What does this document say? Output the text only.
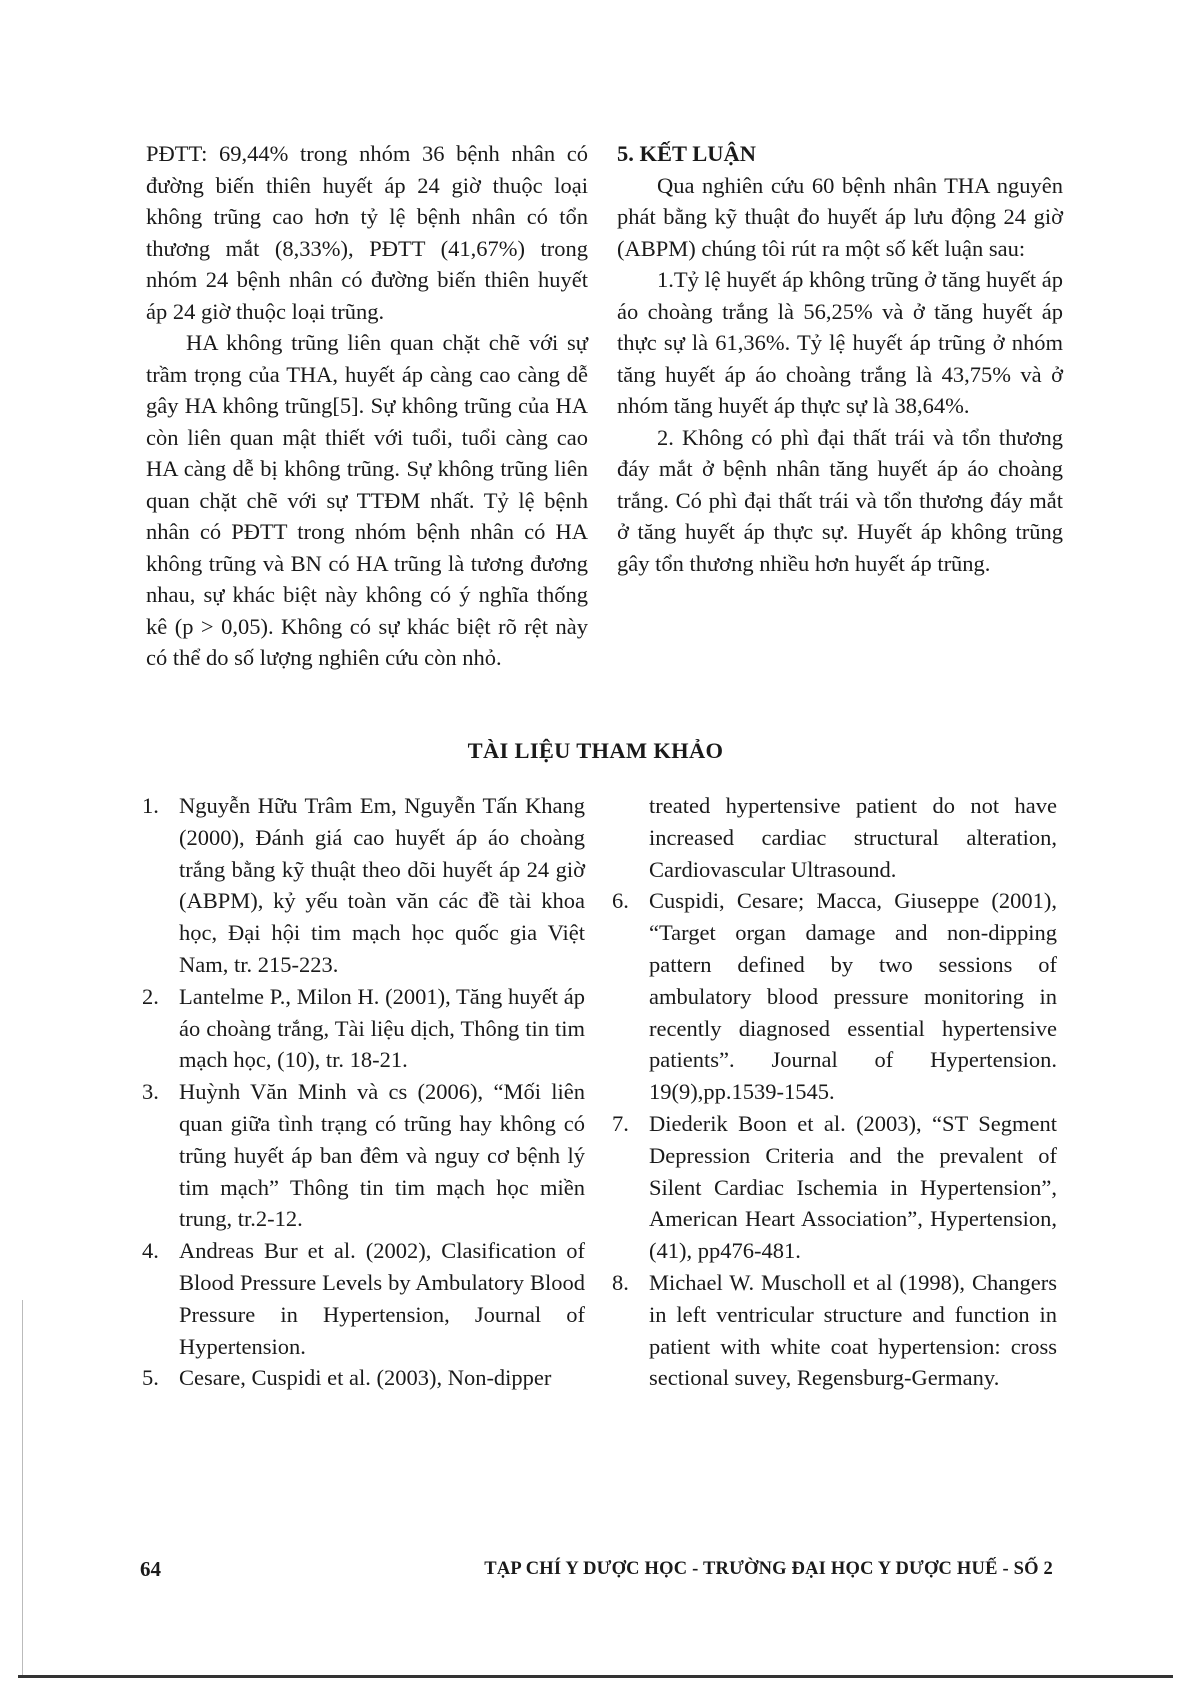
PĐTT: 69,44% trong nhóm 36 bệnh nhân có đường biến thiên huyết áp 24 giờ thuộc loại không trũng cao hơn tỷ lệ bệnh nhân có tổn thương mắt (8,33%), PĐTT (41,67%) trong nhóm 24 bệnh nhân có đường biến thiên huyết áp 24 giờ thuộc loại trũng.

HA không trũng liên quan chặt chẽ với sự trầm trọng của THA, huyết áp càng cao càng dễ gây HA không trũng[5]. Sự không trũng của HA còn liên quan mật thiết với tuổi, tuổi càng cao HA càng dễ bị không trũng. Sự không trũng liên quan chặt chẽ với sự TTĐM nhất. Tỷ lệ bệnh nhân có PĐTT trong nhóm bệnh nhân có HA không trũng và BN có HA trũng là tương đương nhau, sự khác biệt này không có ý nghĩa thống kê (p > 0,05). Không có sự khác biệt rõ rệt này có thể do số lượng nghiên cứu còn nhỏ.

5. KẾT LUẬN

Qua nghiên cứu 60 bệnh nhân THA nguyên phát bằng kỹ thuật đo huyết áp lưu động 24 giờ (ABPM) chúng tôi rút ra một số kết luận sau:

1.Tỷ lệ huyết áp không trũng ở tăng huyết áp áo choàng trắng là 56,25% và ở tăng huyết áp thực sự là 61,36%. Tỷ lệ huyết áp trũng ở nhóm tăng huyết áp áo choàng trắng là 43,75% và ở nhóm tăng huyết áp thực sự là 38,64%.

2. Không có phì đại thất trái và tổn thương đáy mắt ở bệnh nhân tăng huyết áp áo choàng trắng. Có phì đại thất trái và tổn thương đáy mắt ở tăng huyết áp thực sự. Huyết áp không trũng gây tổn thương nhiều hơn huyết áp trũng.

TÀI LIỆU THAM KHẢO
1. Nguyễn Hữu Trâm Em, Nguyễn Tấn Khang (2000), Đánh giá cao huyết áp áo choàng trắng bằng kỹ thuật theo dõi huyết áp 24 giờ (ABPM), kỷ yếu toàn văn các đề tài khoa học, Đại hội tim mạch học quốc gia Việt Nam, tr. 215-223.
2. Lantelme P., Milon H. (2001), Tăng huyết áp áo choàng trắng, Tài liệu dịch, Thông tin tim mạch học, (10), tr. 18-21.
3. Huỳnh Văn Minh và cs (2006), “Mối liên quan giữa tình trạng có trũng hay không có trũng huyết áp ban đêm và nguy cơ bệnh lý tim mạch” Thông tin tim mạch học miền trung, tr.2-12.
4. Andreas Bur et al. (2002), Clasification of Blood Pressure Levels by Ambulatory Blood Pressure in Hypertension, Journal of Hypertension.
5. Cesare, Cuspidi et al. (2003), Non-dipper
treated hypertensive patient do not have increased cardiac structural alteration, Cardiovascular Ultrasound.
6. Cuspidi, Cesare; Macca, Giuseppe (2001), “Target organ damage and non-dipping pattern defined by two sessions of ambulatory blood pressure monitoring in recently diagnosed essential hypertensive patients”. Journal of Hypertension. 19(9),pp.1539-1545.
7. Diederik Boon et al. (2003), “ST Segment Depression Criteria and the prevalent of Silent Cardiac Ischemia in Hypertension”, American Heart Association”, Hypertension, (41), pp476-481.
8. Michael W. Muscholl et al (1998), Changers in left ventricular structure and function in patient with white coat hypertension: cross sectional suvey, Regensburg-Germany.
64	TẠP CHÍ Y DƯỢC HỌC - TRƯỜNG ĐẠI HỌC Y DƯỢC HUẾ - SỐ 2
